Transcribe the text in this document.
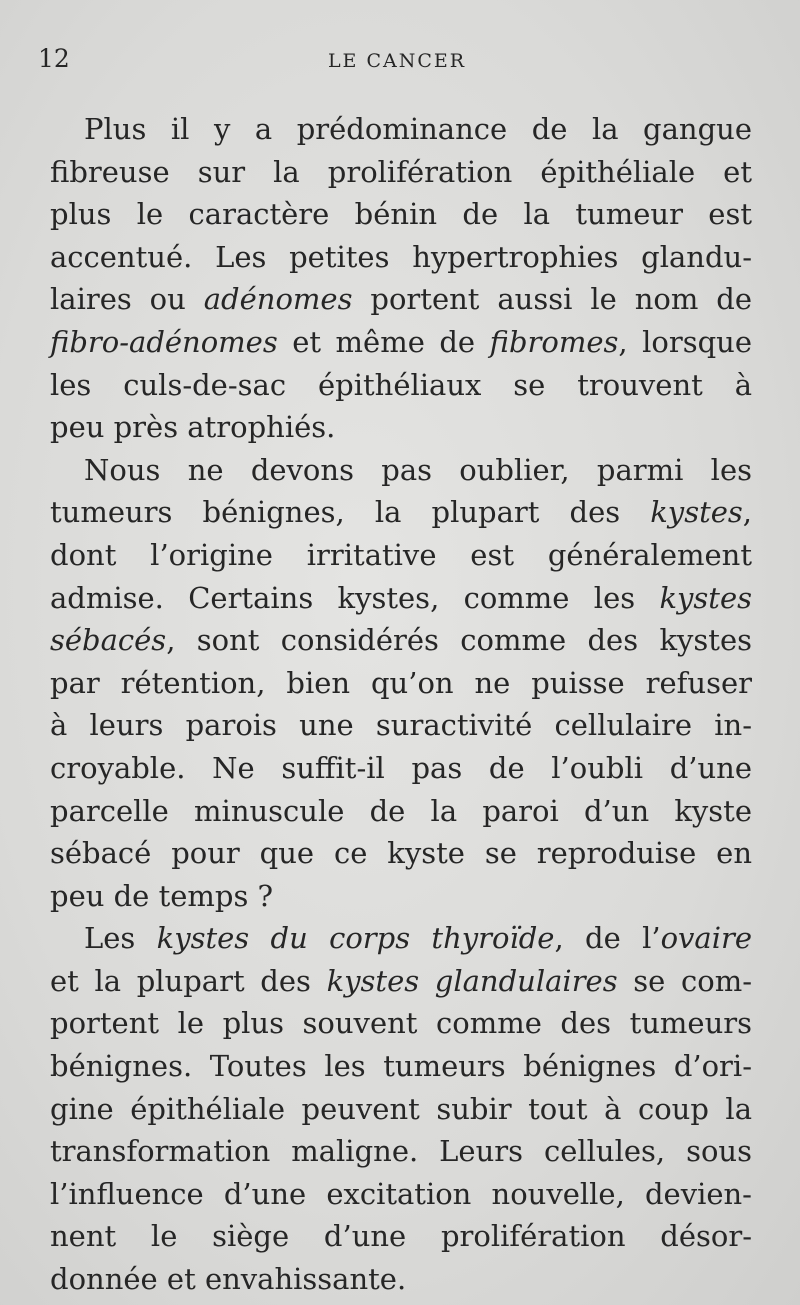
12	LE CANCER
Plus il y a prédominance de la gangue
fibreuse sur la prolifération épithéliale et
plus le caractère bénin de la tumeur est
accentué. Les petites hypertrophies glandu-
laires ou adénomes portent aussi le nom de
fibro-adénomes et même de fibromes, lorsque
les culs-de-sac épithéliaux se trouvent à
peu près atrophiés.
Nous ne devons pas oublier, parmi les
tumeurs bénignes, la plupart des kystes,
dont l’origine irritative est généralement
admise. Certains kystes, comme les kystes
sébacés, sont considérés comme des kystes
par rétention, bien qu’on ne puisse refuser
à leurs parois une suractivité cellulaire in-
croyable. Ne suffit-il pas de l’oubli d’une
parcelle minuscule de la paroi d’un kyste
sébacé pour que ce kyste se reproduise en
peu de temps ?
Les kystes du corps thyroïde, de l’ovaire
et la plupart des kystes glandulaires se com-
portent le plus souvent comme des tumeurs
bénignes. Toutes les tumeurs bénignes d’ori-
gine épithéliale peuvent subir tout à coup la
transformation maligne. Leurs cellules, sous
l’influence d’une excitation nouvelle, devien-
nent le siège d’une prolifération désor-
donnée et envahissante.
